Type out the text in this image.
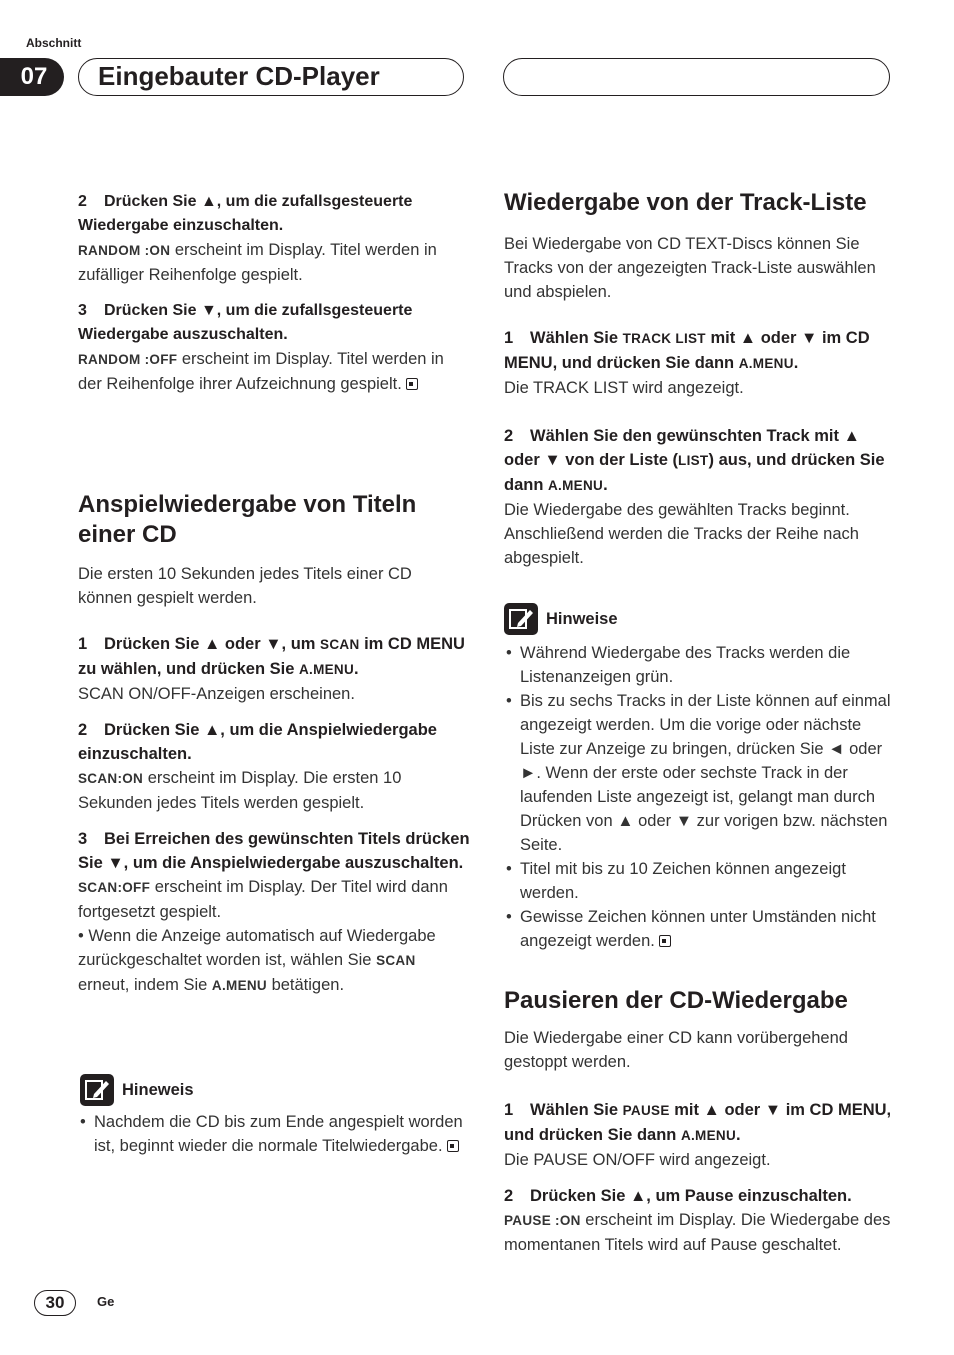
Abschnitt
07	Eingebauter CD-Player

2 Drücken Sie ▲, um die zufallsgesteuerte Wiedergabe einzuschalten.

RANDOM :ON erscheint im Display. Titel werden in zufälliger Reihenfolge gespielt.

3 Drücken Sie ▼, um die zufallsgesteuerte Wiedergabe auszuschalten.

RANDOM :OFF erscheint im Display. Titel werden in der Reihenfolge ihrer Aufzeichnung gespielt.

Anspielwiedergabe von Titeln einer CD

Die ersten 10 Sekunden jedes Titels einer CD können gespielt werden.

1 Drücken Sie ▲ oder ▼, um SCAN im CD MENU zu wählen, und drücken Sie A.MENU.

SCAN ON/OFF-Anzeigen erscheinen.

2 Drücken Sie ▲, um die Anspielwiedergabe einzuschalten.

SCAN:ON erscheint im Display. Die ersten 10 Sekunden jedes Titels werden gespielt.

3 Bei Erreichen des gewünschten Titels drücken Sie ▼, um die Anspielwiedergabe auszuschalten.

SCAN:OFF erscheint im Display. Der Titel wird dann fortgesetzt gespielt.

• Wenn die Anzeige automatisch auf Wiedergabe zurückgeschaltet worden ist, wählen Sie SCAN erneut, indem Sie A.MENU betätigen.

Hineweis
• Nachdem die CD bis zum Ende angespielt worden ist, beginnt wieder die normale Titelwiedergabe.
Wiedergabe von der Track-Liste

Bei Wiedergabe von CD TEXT-Discs können Sie Tracks von der angezeigten Track-Liste auswählen und abspielen.

1 Wählen Sie TRACK LIST mit ▲ oder ▼ im CD MENU, und drücken Sie dann A.MENU.

Die TRACK LIST wird angezeigt.

2 Wählen Sie den gewünschten Track mit ▲ oder ▼ von der Liste (LIST) aus, und drücken Sie dann A.MENU.

Die Wiedergabe des gewählten Tracks beginnt. Anschließend werden die Tracks der Reihe nach abgespielt.

Hinweise
• Während Wiedergabe des Tracks werden die Listenanzeigen grün.
• Bis zu sechs Tracks in der Liste können auf einmal angezeigt werden. Um die vorige oder nächste Liste zur Anzeige zu bringen, drücken Sie ◄ oder ►. Wenn der erste oder sechste Track in der laufenden Liste angezeigt ist, gelangt man durch Drücken von ▲ oder ▼ zur vorigen bzw. nächsten Seite.
• Titel mit bis zu 10 Zeichen können angezeigt werden.
• Gewisse Zeichen können unter Umständen nicht angezeigt werden.
Pausieren der CD-Wiedergabe

Die Wiedergabe einer CD kann vorübergehend gestoppt werden.

1 Wählen Sie PAUSE mit ▲ oder ▼ im CD MENU, und drücken Sie dann A.MENU.

Die PAUSE ON/OFF wird angezeigt.

2 Drücken Sie ▲, um Pause einzuschalten.

PAUSE :ON erscheint im Display. Die Wiedergabe des momentanen Titels wird auf Pause geschaltet.

30	Ge
